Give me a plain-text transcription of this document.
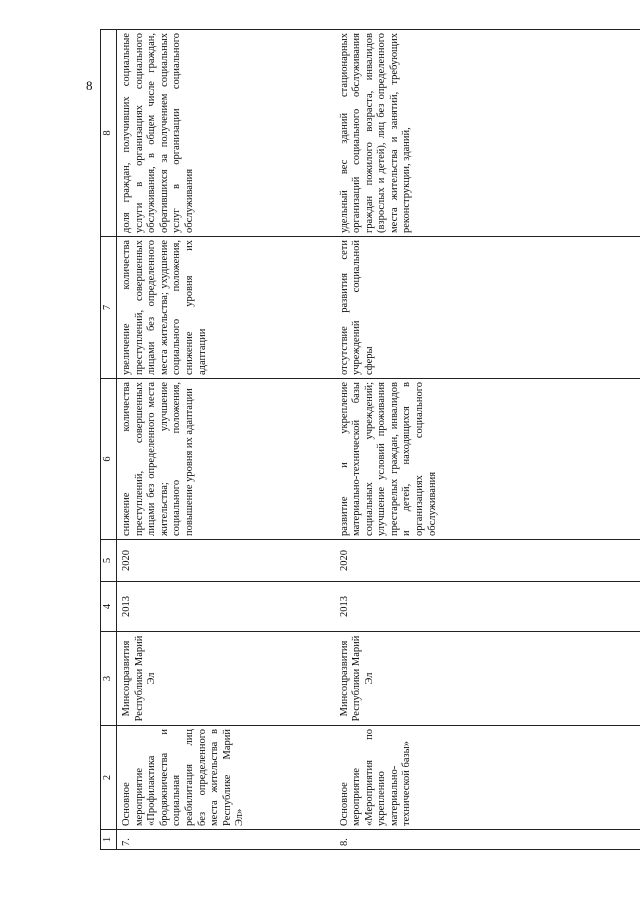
8
1	2	3	4	5	6	7	8
7.	Основное мероприятие «Профилактика бродяжничества и социальная реабилитация лиц без определенного места жительства в Республике Марий Эл»	Минсоцразвития Республики Марий Эл	2013	2020	снижение количества преступлений, совершенных лицами без определенного места жительства; улучшение социального положения, повышение уровня их адаптации	увеличение количества преступлений, совершенных лицами без определенного места жительства; ухудшение социального положения, снижение уровня их адаптации	доля граждан, получивших социальные услуги в организациях социального обслуживания, в общем числе граждан, обратившихся за получением социальных услуг в организации социального обслуживания
8.	Основное мероприятие «Мероприятия по укреплению материально-технической базы»	Минсоцразвития Республики Марий Эл	2013	2020	развитие и укрепление материально-технической базы социальных учреждений; улучшение условий проживания престарелых граждан, инвалидов и детей, находящихся в организациях социального обслуживания	отсутствие развития сети учреждений социальной сферы	удельный вес зданий стационарных организаций социального обслуживания граждан пожилого возраста, инвалидов (взрослых и детей), лиц без определенного места жительства и занятий, требующих реконструкции, зданий,
